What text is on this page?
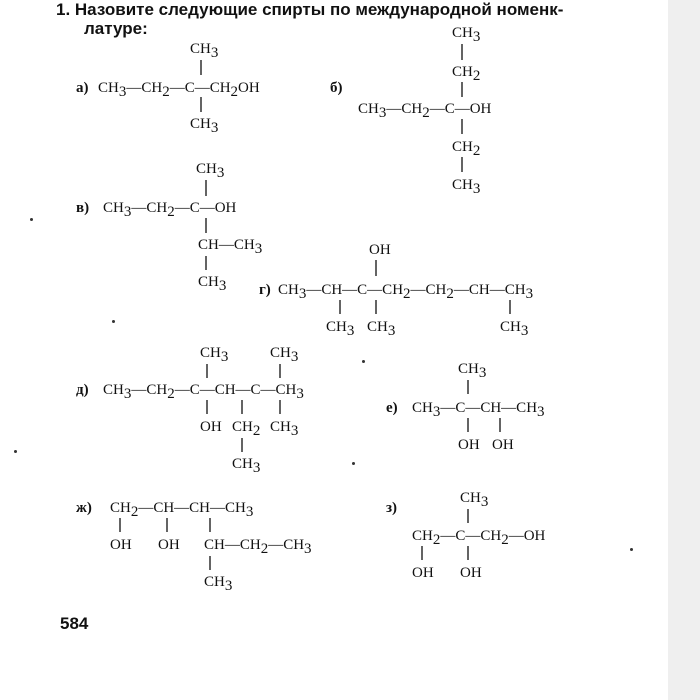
1. Назовите следующие спирты по международной номенк-
латуре:
а)
CH3
CH3—CH2—C—CH2OH
CH3
б)
CH3
CH2
CH3—CH2—C—OH
CH2
CH3
в)
CH3
CH3—CH2—C—OH
CH—CH3
CH3 г)
OH
CH3—CH—C—CH2—CH2—CH—CH3
CH3 CH3	CH3
д)
CH3	CH3
CH3—CH2—C—CH—C—CH3
OH CH2 CH3
CH3
е)
CH3
CH3—C—CH—CH3
OH OH
ж) CH2—CH—CH—CH3
OH OH CH—CH2—CH3
CH3
з)
CH3
CH2—C—CH2—OH
OH OH
584
